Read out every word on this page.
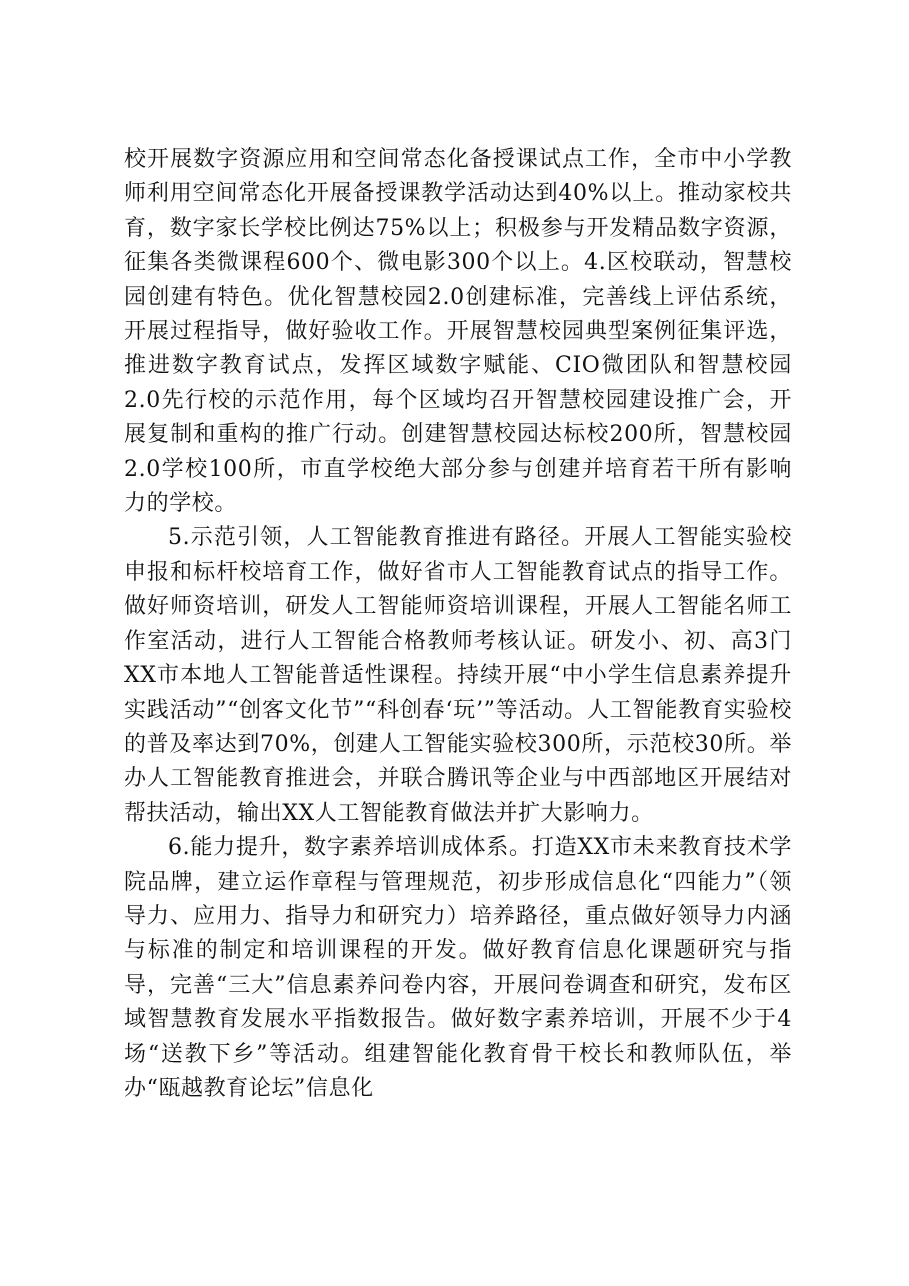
校开展数字资源应用和空间常态化备授课试点工作，全市中小学教师利用空间常态化开展备授课教学活动达到40%以上。推动家校共育，数字家长学校比例达75%以上；积极参与开发精品数字资源，征集各类微课程600个、微电影300个以上。4.区校联动，智慧校园创建有特色。优化智慧校园2.0创建标准，完善线上评估系统，开展过程指导，做好验收工作。开展智慧校园典型案例征集评选，推进数字教育试点，发挥区域数字赋能、CIO微团队和智慧校园2.0先行校的示范作用，每个区域均召开智慧校园建设推广会，开展复制和重构的推广行动。创建智慧校园达标校200所，智慧校园2.0学校100所，市直学校绝大部分参与创建并培育若干所有影响力的学校。

5.示范引领，人工智能教育推进有路径。开展人工智能实验校申报和标杆校培育工作，做好省市人工智能教育试点的指导工作。做好师资培训，研发人工智能师资培训课程，开展人工智能名师工作室活动，进行人工智能合格教师考核认证。研发小、初、高3门XX市本地人工智能普适性课程。持续开展“中小学生信息素养提升实践活动”“创客文化节”“科创春‘玩’”等活动。人工智能教育实验校的普及率达到70%，创建人工智能实验校300所，示范校30所。举办人工智能教育推进会，并联合腾讯等企业与中西部地区开展结对帮扶活动，输出XX人工智能教育做法并扩大影响力。

6.能力提升，数字素养培训成体系。打造XX市未来教育技术学院品牌，建立运作章程与管理规范，初步形成信息化“四能力”（领导力、应用力、指导力和研究力）培养路径，重点做好领导力内涵与标准的制定和培训课程的开发。做好教育信息化课题研究与指导，完善“三大”信息素养问卷内容，开展问卷调查和研究，发布区域智慧教育发展水平指数报告。做好数字素养培训，开展不少于4场“送教下乡”等活动。组建智能化教育骨干校长和教师队伍，举办“瓯越教育论坛”信息化
